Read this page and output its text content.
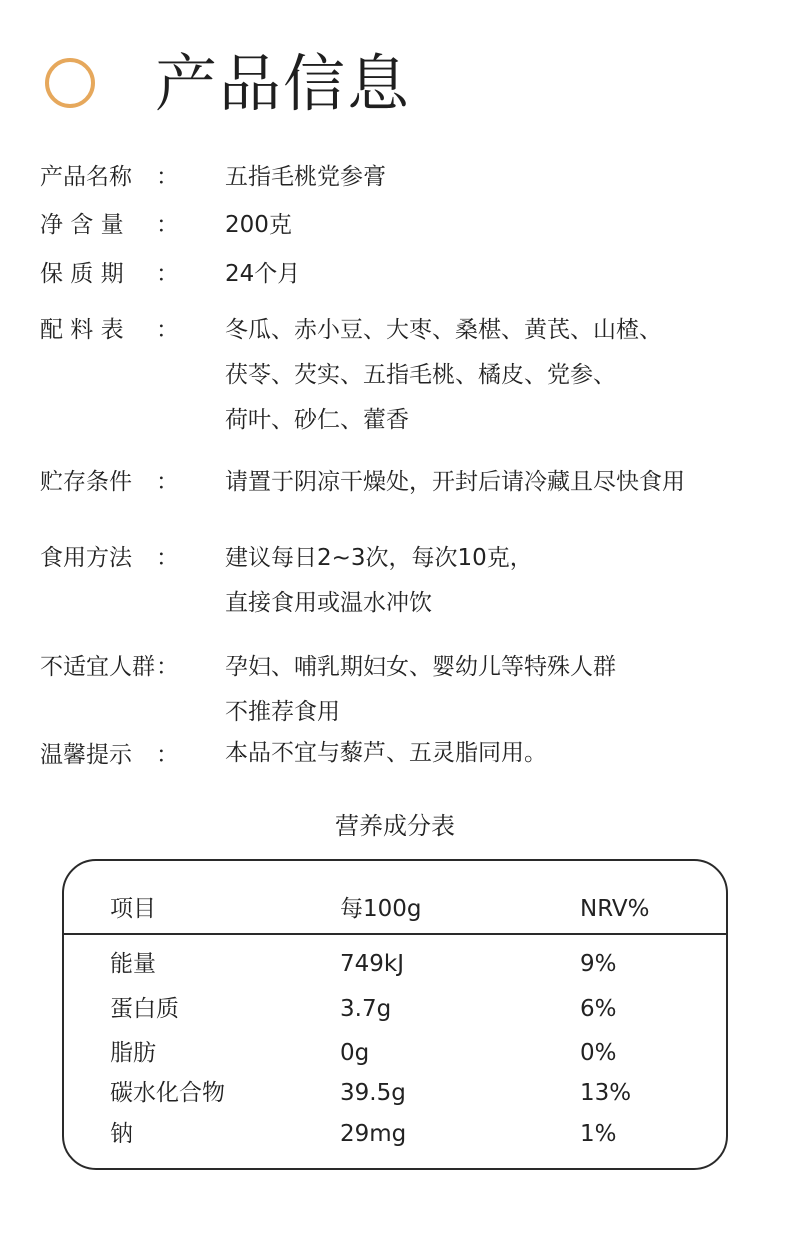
产品信息
产品名称 ： 五指毛桃党参膏
净 含 量 ： 200克
保 质 期 ： 24个月
配 料 表 ： 冬瓜、赤小豆、大枣、桑椹、黄芪、山楂、
茯苓、芡实、五指毛桃、橘皮、党参、
荷叶、砂仁、藿香
贮存条件 ： 请置于阴凉干燥处，开封后请冷藏且尽快食用
食用方法 ： 建议每日2~3次，每次10克，
直接食用或温水冲饮
不适宜人群 ： 孕妇、哺乳期妇女、婴幼儿等特殊人群
不推荐食用
温馨提示 ： 本品不宜与藜芦、五灵脂同用。
营养成分表
项目	每100g	NRV%
能量	749kJ	9%
蛋白质	3.7g	6%
脂肪	0g	0%
碳水化合物	39.5g	13%
钠	29mg	1%
